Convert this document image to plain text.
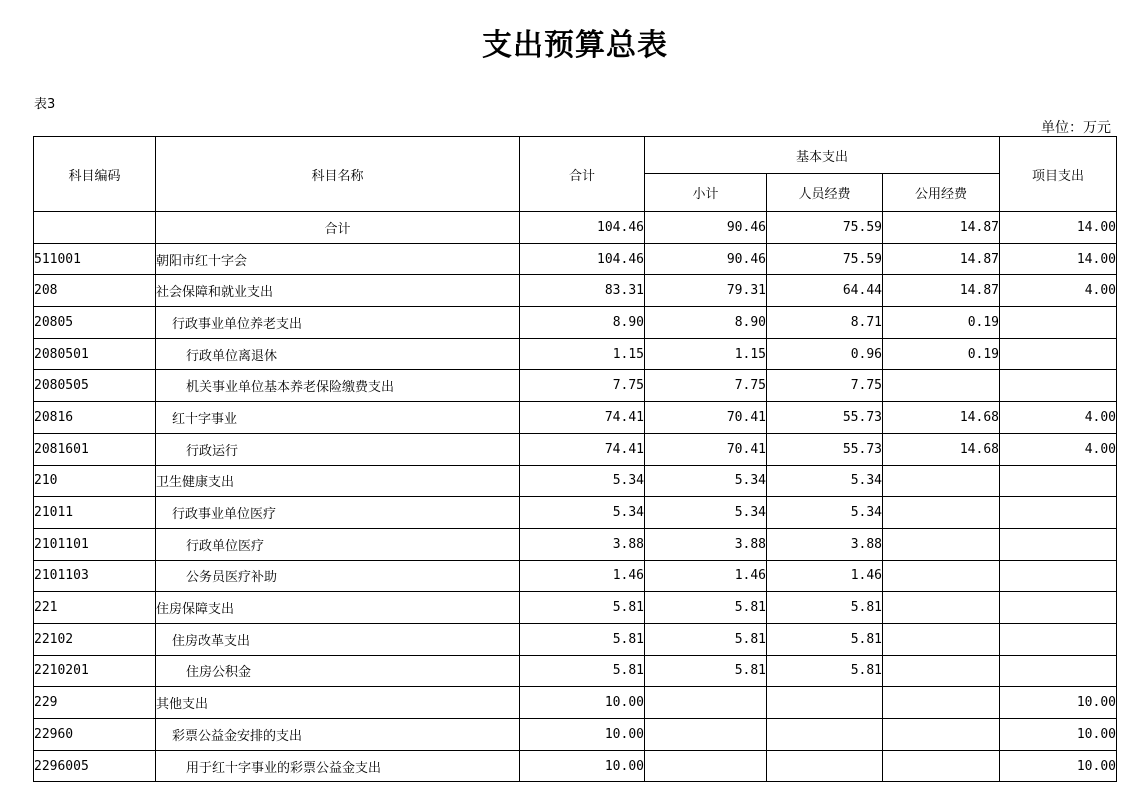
支出预算总表
表3
单位：万元
科目编码	科目名称	合计	基本支出			项目支出
			小计	人员经费	公用经费	
	合计	104.46	90.46	75.59	14.87	14.00
511001	朝阳市红十字会	104.46	90.46	75.59	14.87	14.00
208	社会保障和就业支出	83.31	79.31	64.44	14.87	4.00
20805	行政事业单位养老支出	8.90	8.90	8.71	0.19	
2080501	行政单位离退休	1.15	1.15	0.96	0.19	
2080505	机关事业单位基本养老保险缴费支出	7.75	7.75	7.75		
20816	红十字事业	74.41	70.41	55.73	14.68	4.00
2081601	行政运行	74.41	70.41	55.73	14.68	4.00
210	卫生健康支出	5.34	5.34	5.34		
21011	行政事业单位医疗	5.34	5.34	5.34		
2101101	行政单位医疗	3.88	3.88	3.88		
2101103	公务员医疗补助	1.46	1.46	1.46		
221	住房保障支出	5.81	5.81	5.81		
22102	住房改革支出	5.81	5.81	5.81		
2210201	住房公积金	5.81	5.81	5.81		
229	其他支出	10.00				10.00
22960	彩票公益金安排的支出	10.00				10.00
2296005	用于红十字事业的彩票公益金支出	10.00				10.00
